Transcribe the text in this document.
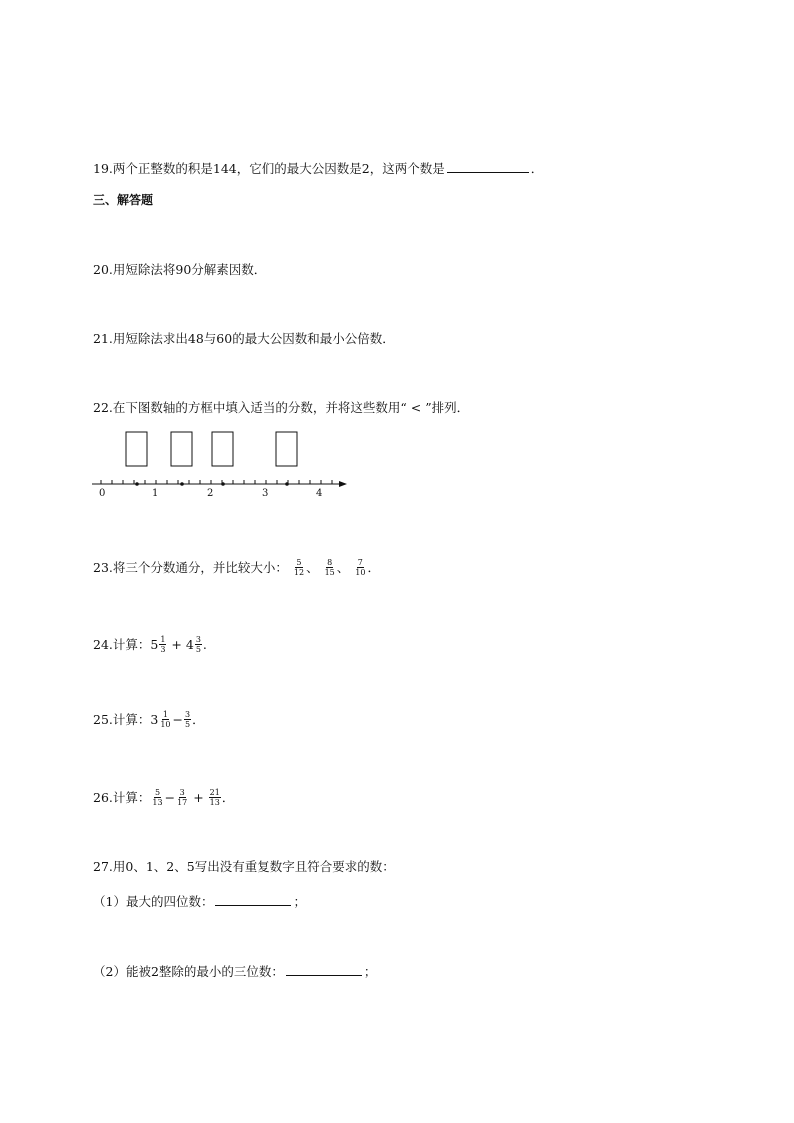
19.两个正整数的积是144，它们的最大公因数是2，这两个数是	．
三、解答题
20.用短除法将90分解素因数．
21.用短除法求出48与60的最大公因数和最小公倍数．
22.在下图数轴的方框中填入适当的分数，并将这些数用“ < ”排列．
0	1	2	3	4
23.将三个分数通分，并比较大小： $\frac{5}{12}$ 、 $\frac{8}{15}$ 、 $\frac{7}{10}$ ．
24.计算：$5 \frac{1}{3} + 4 \frac{3}{5}$ .
25.计算：$3 \frac{1}{10} - \frac{3}{5}$ ．
26.计算： $\frac{5}{13} - \frac{3}{17} + \frac{21}{13}$ ．
27.用0、1、2、5写出没有重复数字且符合要求的数：
（1）最大的四位数：	；
（2）能被2整除的最小的三位数：	；
